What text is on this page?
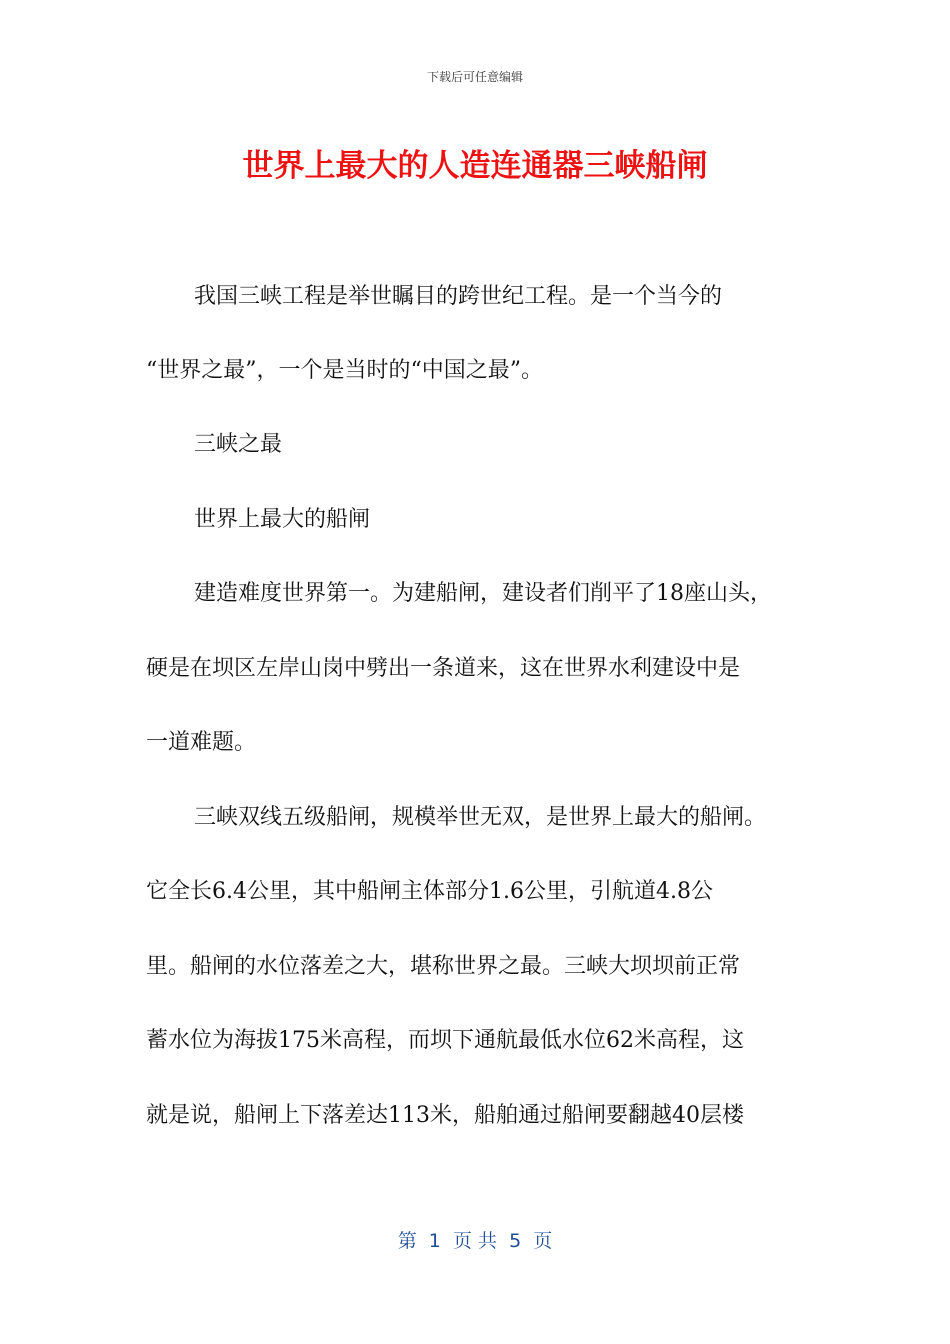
下载后可任意编辑
世界上最大的人造连通器三峡船闸
我国三峡工程是举世瞩目的跨世纪工程。是一个当今的
“世界之最”，一个是当时的“中国之最”。
三峡之最
世界上最大的船闸
建造难度世界第一。为建船闸，建设者们削平了18座山头，
硬是在坝区左岸山岗中劈出一条道来，这在世界水利建设中是
一道难题。
三峡双线五级船闸，规模举世无双，是世界上最大的船闸。
它全长6.4公里，其中船闸主体部分1.6公里，引航道4.8公
里。船闸的水位落差之大，堪称世界之最。三峡大坝坝前正常
蓄水位为海拔175米高程，而坝下通航最低水位62米高程，这
就是说，船闸上下落差达113米，船舶通过船闸要翻越40层楼
第  1  页 共  5  页
